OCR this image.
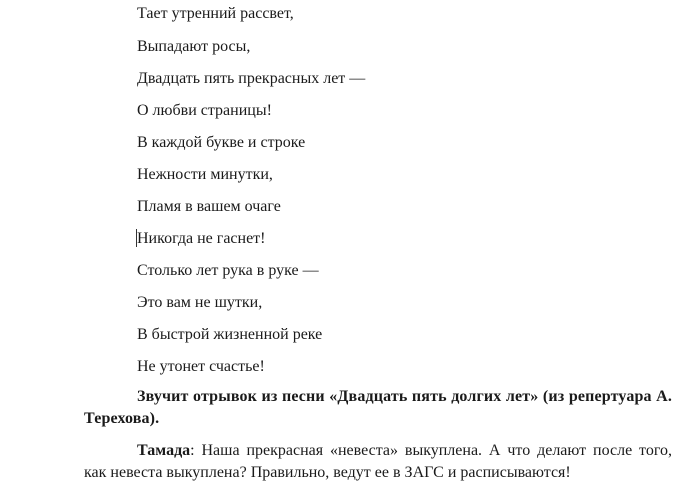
Тает утренний рассвет,
Выпадают росы,
Двадцать пять прекрасных лет —
О любви страницы!
В каждой букве и строке
Нежности минутки,
Пламя в вашем очаге
Никогда не гаснет!
Столько лет рука в руке —
Это вам не шутки,
В быстрой жизненной реке
Не утонет счастье!
Звучит отрывок из песни «Двадцать пять долгих лет» (из репертуара А. Терехова).
Тамада: Наша прекрасная «невеста» выкуплена. А что делают после того, как невеста выкуплена? Правильно, ведут ее в ЗАГС и расписываются!
